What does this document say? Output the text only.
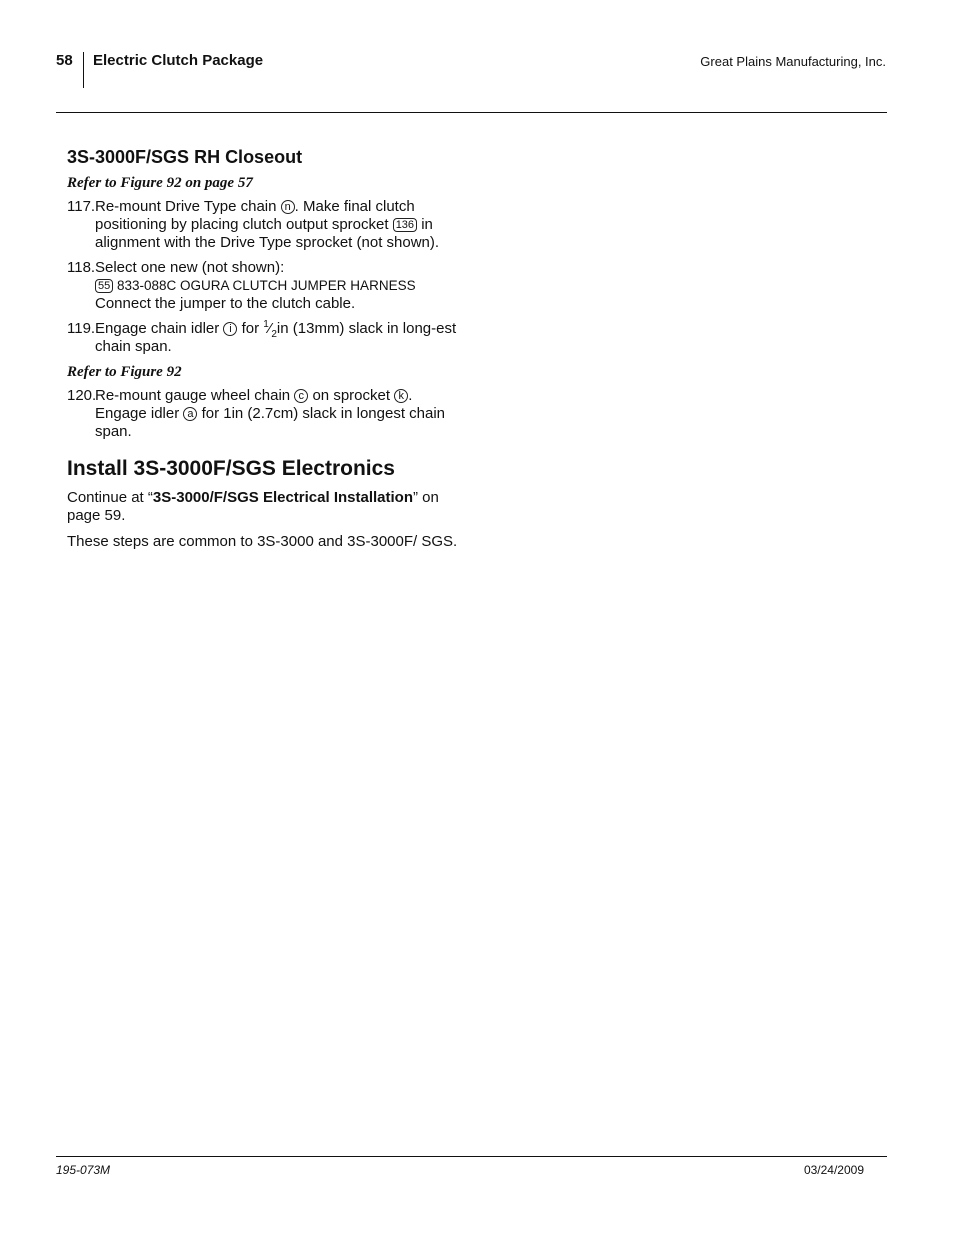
58 Electric Clutch Package	Great Plains Manufacturing, Inc.
3S-3000F/SGS RH Closeout
Refer to Figure 92 on page 57
117. Re-mount Drive Type chain n . Make final clutch positioning by placing clutch output sprocket 136 in alignment with the Drive Type sprocket (not shown).
118. Select one new (not shown):
55 833-088C OGURA CLUTCH JUMPER HARNESS
Connect the jumper to the clutch cable.
119. Engage chain idler i for $^1⁄_2in$ (13mm) slack in long-est chain span.
Refer to Figure 92
120.
Re-mount gauge wheel chain c on sprocket k . Engage idler a for 1in (2.7cm) slack in longest chain span.
Install 3S-3000F/SGS Electronics
Continue at “3S-3000/F/SGS Electrical Installation” on page 59.
These steps are common to 3S-3000 and 3S-3000F/ SGS.
195-073M	03/24/2009
